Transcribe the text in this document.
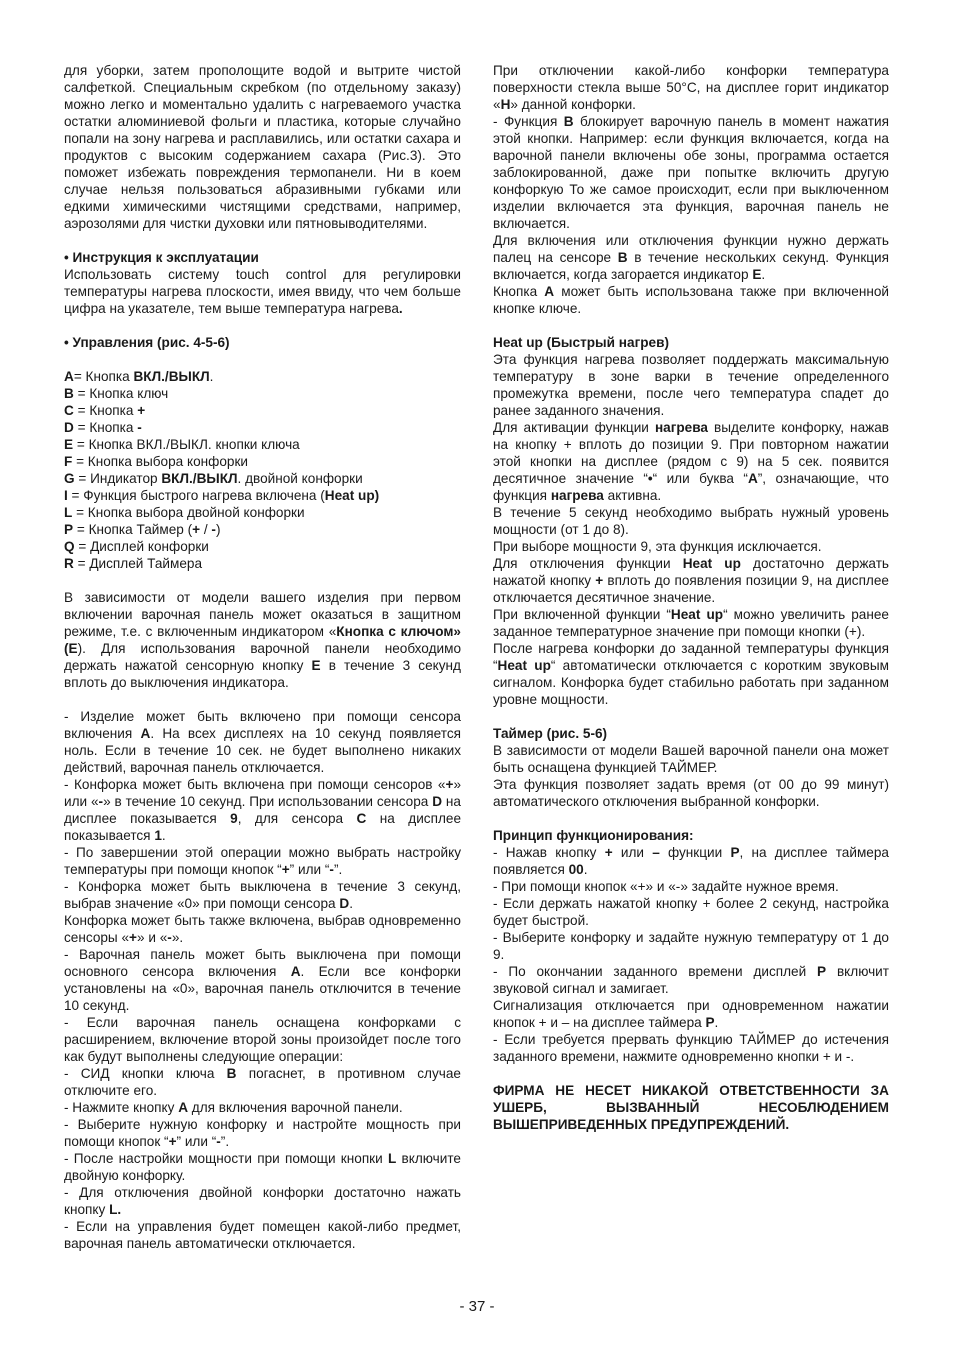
для уборки, затем прополощите водой и вытрите чистой салфеткой. Специальным скребком (по отдельному заказу) можно легко и моментально удалить с нагреваемого участка остатки алюминиевой фольги и пластика, которые случайно попали на зону нагрева и расплавились, или остатки сахара и продуктов с высоким содержанием сахара (Рис.3). Это поможет избежать повреждения термопанели. Ни в коем случае нельзя пользоваться абразивными губками или едкими химическими чистящими средствами, например, аэрозолями для чистки духовки или пятновыводителями.

• Инструкция к эксплуатации

Использовать систему touch control для регулировки температуры нагрева плоскости, имея ввиду, что чем больше цифра на указателе, тем выше температура нагрева.

• Управления (рис. 4-5-6)

A= Кнопка ВКЛ./ВЫКЛ.

B = Кнопка ключ

C = Кнопка +

D = Кнопка -

E = Кнопка ВКЛ./ВЫКЛ. кнопки ключа

F = Кнопка выбора конфорки

G = Индикатор ВКЛ./ВЫКЛ. двойной конфорки

I = Функция быстрого нагрева включена (Heat up)

L = Кнопка выбора двойной конфорки

P = Кнопка Таймер (+ / -)

Q = Дисплей конфорки

R = Дисплей Таймера

В зависимости от модели вашего изделия при первом включении варочная панель может оказаться в защитном режиме, т.е. с включенным индикатором «Кнопка с ключом» (E). Для использования варочной панели необходимо держать нажатой сенсорную кнопку E в течение 3 секунд вплоть до выключения индикатора.

- Изделие может быть включено при помощи сенсора включения A. На всех дисплеях на 10 секунд появляется ноль. Если в течение 10 сек. не будет выполнено никаких действий, варочная панель отключается.

- Конфорка может быть включена при помощи сенсоров «+» или «-» в течение 10 секунд. При использовании сенсора D на дисплее показывается 9, для сенсора C на дисплее показывается 1.

- По завершении этой операции можно выбрать настройку температуры при помощи кнопок “+” или “-”.

- Конфорка может быть выключена в течение 3 секунд, выбрав значение «0» при помощи сенсора D.

Конфорка может быть также включена, выбрав одновременно сенсоры «+» и «-».

- Варочная панель может быть выключена при помощи основного сенсора включения A. Если все конфорки установлены на «0», варочная панель отключится в течение 10 секунд.

- Если варочная панель оснащена конфорками с расширением, включение второй зоны произойдет после того как будут выполнены следующие операции:

- СИД кнопки ключа B погаснет, в противном случае отключите его.

- Нажмите кнопку A для включения варочной панели.

- Выберите нужную конфорку и настройте мощность при помощи кнопок “+” или “-”.

- После настройки мощности при помощи кнопки L включите двойную конфорку.

- Для отключения двойной конфорки достаточно нажать кнопку L.

- Если на управления будет помещен какой-либо предмет, варочная панель автоматически отключается.

При отключении какой-либо конфорки температура поверхности стекла выше 50°C, на дисплее горит индикатор «H» данной конфорки.

- Функция B блокирует варочную панель в момент нажатия этой кнопки. Например: если функция включается, когда на варочной панели включены обе зоны, программа остается заблокированной, даже при попытке включить другую конфоркую То же самое происходит, если при выключенном изделии включается эта функция, варочная панель не включается.

Для включения или отключения функции нужно держать палец на сенсоре B в течение нескольких секунд. Функция включается, когда загорается индикатор E.

Кнопка A может быть использована также при включенной кнопке ключе.

Heat up (Быстрый нагрев)

Эта функция нагрева позволяет поддержать максимальную температуру в зоне варки в течение определенного промежутка времени, после чего температура спадет до ранее заданного значения.

Для активации функции нагрева выделите конфорку, нажав на кнопку + вплоть до позиции 9. При повторном нажатии этой кнопки на дисплее (рядом с 9) на 5 сек. появится десятичное значение “•“ или буква “A”, означающие, что функция нагрева активна.

В течение 5 секунд необходимо выбрать нужный уровень мощности (от 1 до 8).

При выборе мощности 9, эта функция исключается.

Для отключения функции Heat up достаточно держать нажатой кнопку + вплоть до появления позиции 9, на дисплее отключается десятичное значение.

При включенной функции “Heat up“ можно увеличить ранее заданное температурное значение при помощи кнопки (+).

После нагрева конфорки до заданной температуры функция “Heat up“ автоматически отключается с коротким звуковым сигналом. Конфорка будет стабильно работать при заданном уровне мощности.

Таймер (рис. 5-6)

В зависимости от модели Вашей варочной панели она может быть оснащена функцией ТАЙМЕР.

Эта функция позволяет задать время (от 00 до 99 минут) автоматического отключения выбранной конфорки.

Принцип функционирования:

- Нажав кнопку + или – функции P, на дисплее таймера появляется 00.

- При помощи кнопок «+» и «-» задайте нужное время.

- Если держать нажатой кнопку + более 2 секунд, настройка будет быстрой.

- Выберите конфорку и задайте нужную температуру от 1 до 9.

- По окончании заданного времени дисплей P включит звуковой сигнал и замигает.

Сигнализация отключается при одновременном нажатии кнопок + и – на дисплее таймера P.

- Если требуется прервать функцию ТАЙМЕР до истечения заданного времени, нажмите одновременно кнопки + и -.

ФИРМА НЕ НЕСЕТ НИКАКОЙ ОТВЕТСТВЕННОСТИ ЗА УШЕРБ, ВЫЗВАННЫЙ НЕСОБЛЮДЕНИЕМ ВЫШЕПРИВЕДЕННЫХ ПРЕДУПРЕЖДЕНИЙ.

- 37 -
